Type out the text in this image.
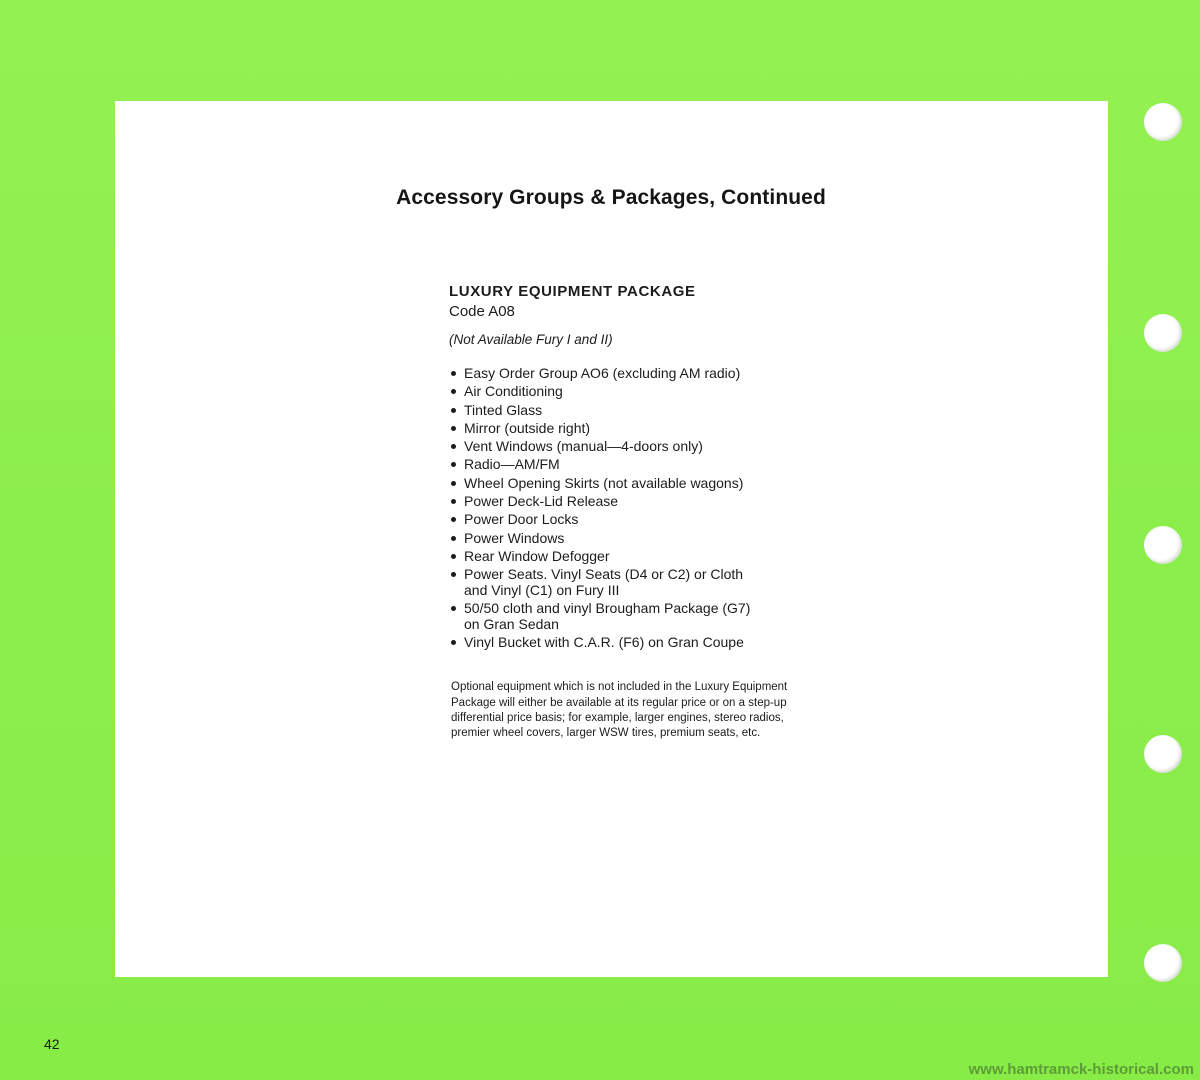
Accessory Groups & Packages, Continued

LUXURY EQUIPMENT PACKAGE

Code A08

(Not Available Fury I and II)

Easy Order Group AO6 (excluding AM radio)
Air Conditioning
Tinted Glass
Mirror (outside right)
Vent Windows (manual—4-doors only)
Radio—AM/FM
Wheel Opening Skirts (not available wagons)
Power Deck-Lid Release
Power Door Locks
Power Windows
Rear Window Defogger
Power Seats. Vinyl Seats (D4 or C2) or Cloth
and Vinyl (C1) on Fury III
50/50 cloth and vinyl Brougham Package (G7)
on Gran Sedan
Vinyl Bucket with C.A.R. (F6) on Gran Coupe

Optional equipment which is not included in the Luxury Equipment Package will either be available at its regular price or on a step-up differential price basis; for example, larger engines, stereo radios, premier wheel covers, larger WSW tires, premium seats, etc.

42
www.hamtramck-historical.com
